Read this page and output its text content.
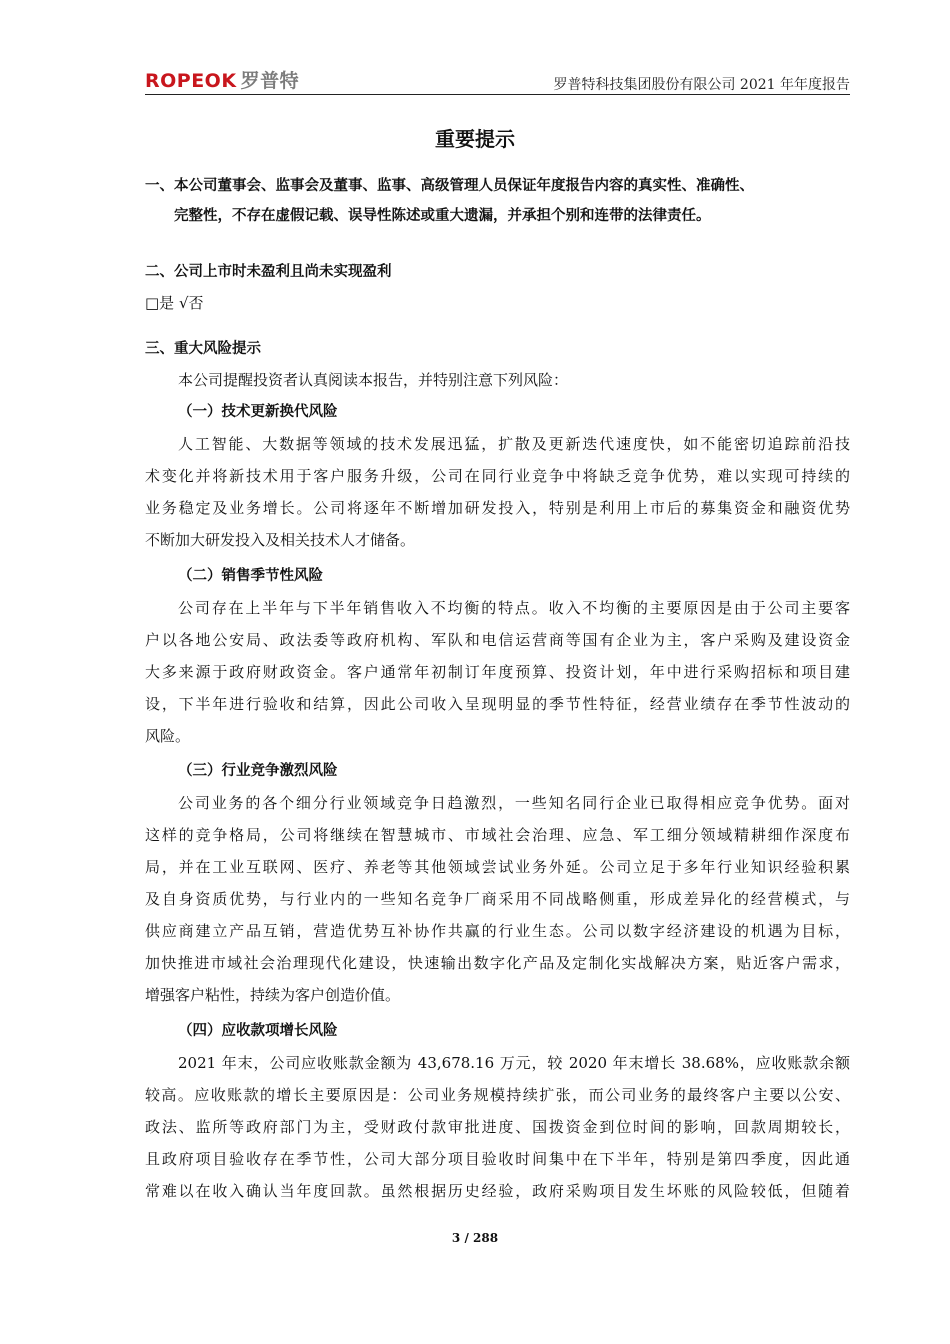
ROPEOK 罗普特	罗普特科技集团股份有限公司 2021 年年度报告
重要提示
一、本公司董事会、监事会及董事、监事、高级管理人员保证年度报告内容的真实性、准确性、
完整性，不存在虚假记载、误导性陈述或重大遗漏，并承担个别和连带的法律责任。
二、公司上市时未盈利且尚未实现盈利
□是 √否
三、重大风险提示
本公司提醒投资者认真阅读本报告，并特别注意下列风险：
（一）技术更新换代风险
人工智能、大数据等领域的技术发展迅猛，扩散及更新迭代速度快，如不能密切追踪前沿技
术变化并将新技术用于客户服务升级，公司在同行业竞争中将缺乏竞争优势，难以实现可持续的
业务稳定及业务增长。公司将逐年不断增加研发投入，特别是利用上市后的募集资金和融资优势
不断加大研发投入及相关技术人才储备。
（二）销售季节性风险
公司存在上半年与下半年销售收入不均衡的特点。收入不均衡的主要原因是由于公司主要客
户以各地公安局、政法委等政府机构、军队和电信运营商等国有企业为主，客户采购及建设资金
大多来源于政府财政资金。客户通常年初制订年度预算、投资计划，年中进行采购招标和项目建
设，下半年进行验收和结算，因此公司收入呈现明显的季节性特征，经营业绩存在季节性波动的
风险。
（三）行业竞争激烈风险
公司业务的各个细分行业领域竞争日趋激烈，一些知名同行企业已取得相应竞争优势。面对
这样的竞争格局，公司将继续在智慧城市、市域社会治理、应急、军工细分领域精耕细作深度布
局，并在工业互联网、医疗、养老等其他领域尝试业务外延。公司立足于多年行业知识经验积累
及自身资质优势，与行业内的一些知名竞争厂商采用不同战略侧重，形成差异化的经营模式，与
供应商建立产品互销，营造优势互补协作共赢的行业生态。公司以数字经济建设的机遇为目标，
加快推进市域社会治理现代化建设，快速输出数字化产品及定制化实战解决方案，贴近客户需求，
增强客户粘性，持续为客户创造价值。
（四）应收款项增长风险
2021 年末，公司应收账款金额为 43,678.16 万元，较 2020 年末增长 38.68%，应收账款余额
较高。应收账款的增长主要原因是：公司业务规模持续扩张，而公司业务的最终客户主要以公安、
政法、监所等政府部门为主，受财政付款审批进度、国拨资金到位时间的影响，回款周期较长，
且政府项目验收存在季节性，公司大部分项目验收时间集中在下半年，特别是第四季度，因此通
常难以在收入确认当年度回款。虽然根据历史经验，政府采购项目发生坏账的风险较低，但随着
3 / 288
